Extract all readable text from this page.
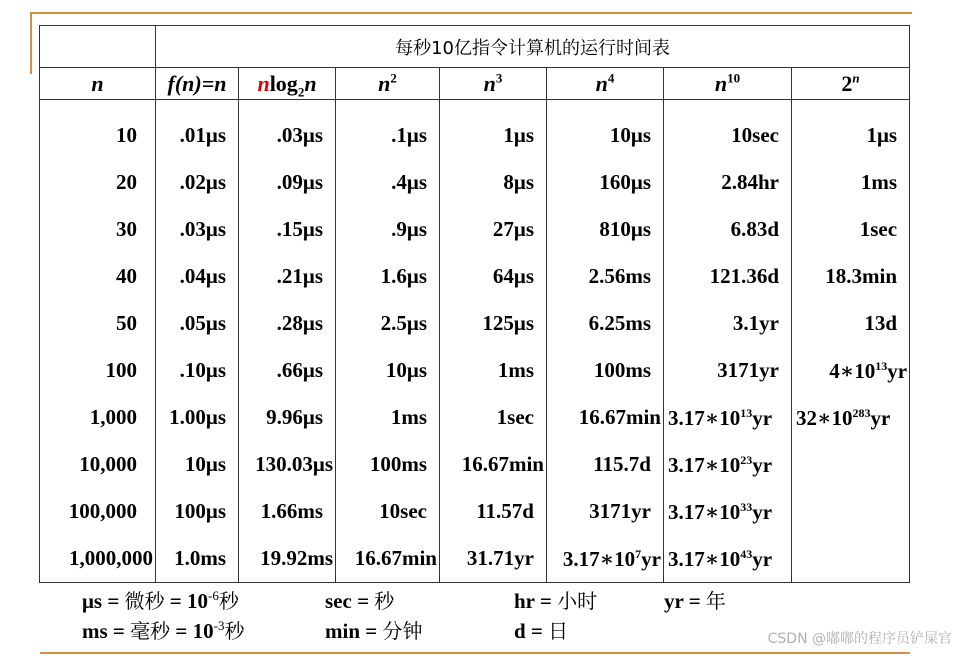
	每秒10亿指令计算机的运行时间表						
n	f(n)=n	nlog$_2$n	$n^2$	$n^3$	$n^4$	$n^{10}$	2$^n$

10	.01μs	.03μs	.1μs	1μs	10μs	10sec	1μs
20	.02μs	.09μs	.4μs	8μs	160μs	2.84hr	1ms
30	.03μs	.15μs	.9μs	27μs	810μs	6.83d	1sec
40	.04μs	.21μs	1.6μs	64μs	2.56ms	121.36d	18.3min
50	.05μs	.28μs	2.5μs	125μs	6.25ms	3.1yr	13d
100	.10μs	.66μs	10μs	1ms	100ms	3171yr	$4∗10^{13}yr$
1,000	1.00μs	9.96μs	1ms	1sec	16.67min	$3.17∗10^{13}yr$	$32∗10^{283}yr$
10,000	10μs	130.03μs	100ms	16.67min	115.7d	$3.17∗10^{23}yr$	
100,000	100μs	1.66ms	10sec	11.57d	3171yr	$3.17∗10^{33}yr$	
1,000,000	1.0ms	19.92ms	16.67min	31.71yr	$3.17∗10^7yr$	$3.17∗10^{43}yr$	
μs = 微秒 = $10^{-6}$秒	sec = 秒	hr = 小时	yr = 年
ms = 毫秒 = $10^{-3}$秒	min = 分钟	d = 日	CSDN @嘟嘟的程序员铲屎官
